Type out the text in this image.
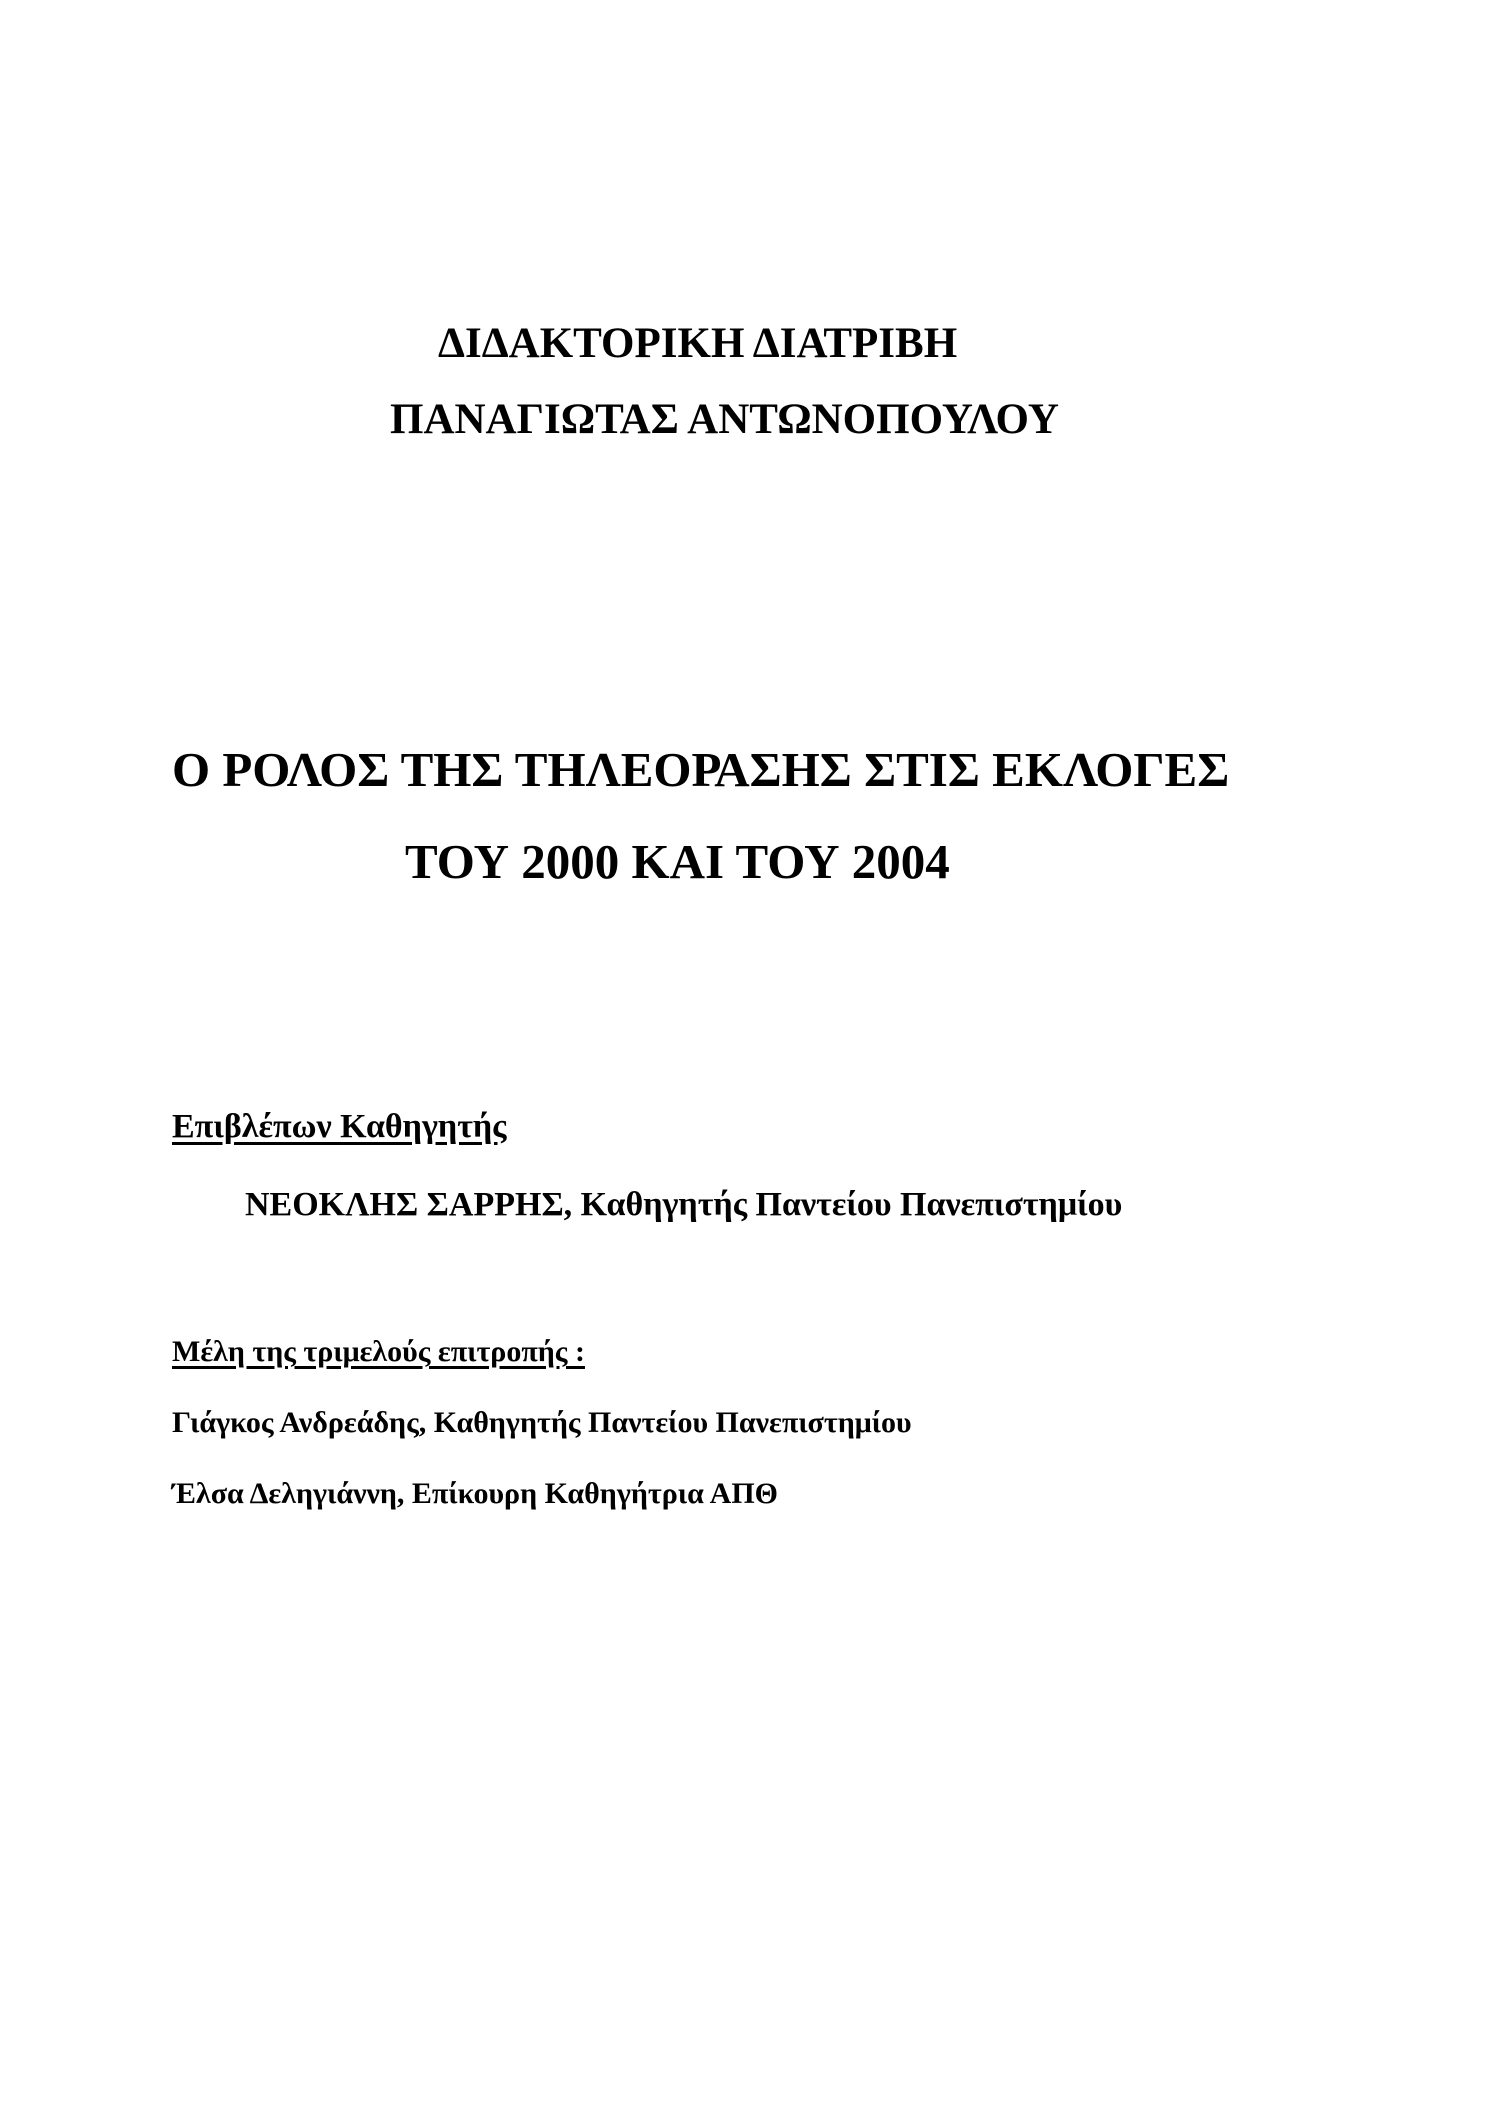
ΔΙΔΑΚΤΟΡΙΚΗ ΔΙΑΤΡΙΒΗ

ΠΑΝΑΓΙΩΤΑΣ ΑΝΤΩΝΟΠΟΥΛΟΥ

Ο ΡΟΛΟΣ ΤΗΣ ΤΗΛΕΟΡΑΣΗΣ ΣΤΙΣ ΕΚΛΟΓΕΣ

ΤΟΥ 2000 ΚΑΙ ΤΟΥ 2004

Επιβλέπων Καθηγητής

ΝΕΟΚΛΗΣ ΣΑΡΡΗΣ, Καθηγητής Παντείου Πανεπιστημίου

Μέλη της τριμελούς επιτροπής :

Γιάγκος Ανδρεάδης, Καθηγητής Παντείου Πανεπιστημίου

Έλσα Δεληγιάννη, Επίκουρη Καθηγήτρια ΑΠΘ
